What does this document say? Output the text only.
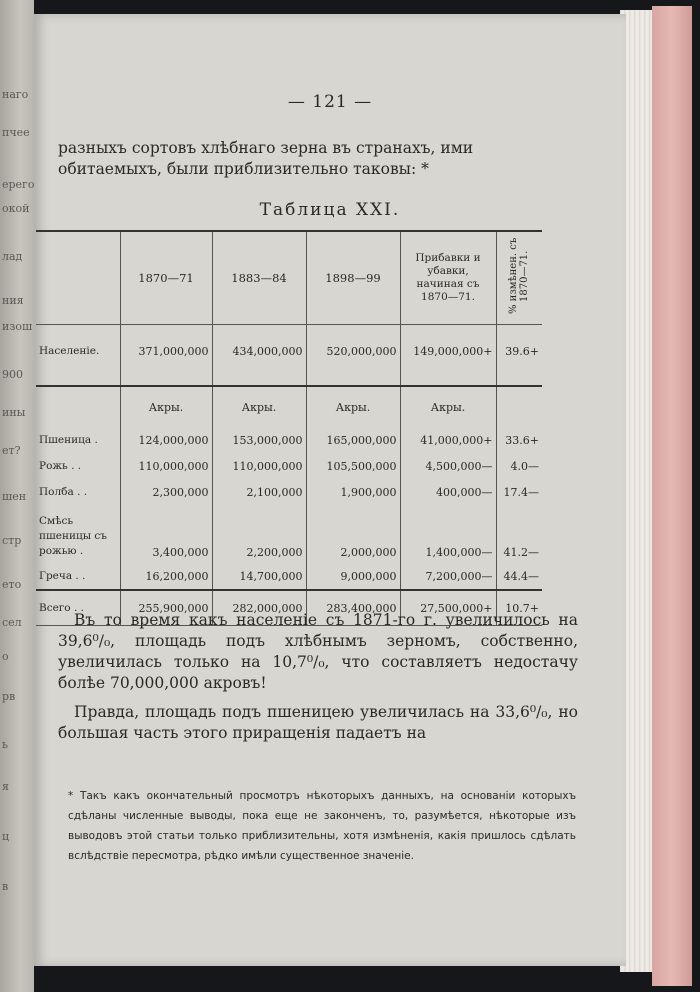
наго
пчее
ерего
окой
лад
ния
изош
900
ины
ет?
шен
стр
ето
сел
о
рв
ь
я
ц
в
— 121 —
разныхъ сортовъ хлѣбнаго зерна въ странахъ, ими
обитаемыхъ, были приблизительно таковы: *
Таблица XXI.
	1870—71	1883—84	1898—99	Прибавки и убавки, начиная съ 1870—71.	% измѣнен. съ 1870—71.
Населеніе.	371,000,000	434,000,000	520,000,000	149,000,000+	39.6+

	Акры.	Акры.	Акры.	Акры.	
Пшеница .	124,000,000	153,000,000	165,000,000	41,000,000+	33.6+
Рожь . .	110,000,000	110,000,000	105,500,000	4,500,000—	4.0—
Полба . .	2,300,000	2,100,000	1,900,000	400,000—	17.4—
Смѣсь пшеницы съ рожью .	3,400,000	2,200,000	2,000,000	1,400,000—	41.2—
Греча . .	16,200,000	14,700,000	9,000,000	7,200,000—	44.4—
Всего . .	255,900,000	282,000,000	283,400,000	27,500,000+	10.7+
Въ то время какъ населеніе съ 1871-го г. увеличилось на 39,6⁰/₀, площадь подъ хлѣбнымъ зерномъ, собственно, увеличилась только на 10,7⁰/₀, что составляетъ недостачу болѣе 70,000,000 акровъ!
Правда, площадь подъ пшеницею увеличилась на 33,6⁰/₀, но большая часть этого приращенія падаетъ на
* Такъ какъ окончательный просмотръ нѣкоторыхъ данныхъ, на основаніи которыхъ сдѣланы численные выводы, пока еще не законченъ, то, разумѣется, нѣкоторые изъ выводовъ этой статьи только приблизительны, хотя измѣненія, какія пришлось сдѣлать вслѣдствіе пересмотра, рѣдко имѣли существенное значеніе.
